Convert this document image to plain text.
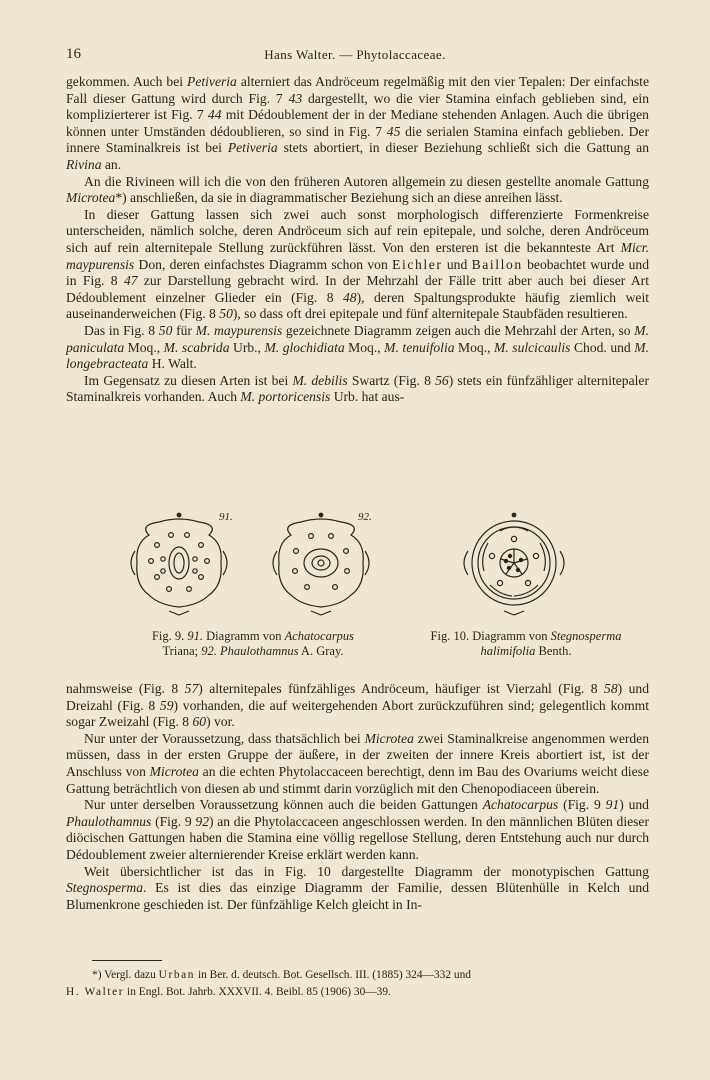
16	Hans Walter. — Phytolaccaceae.

gekommen. Auch bei Petiveria alterniert das Andröceum regelmäßig mit den vier Tepalen: Der einfachste Fall dieser Gattung wird durch Fig. 7 43 dargestellt, wo die vier Stamina einfach geblieben sind, ein komplizierterer ist Fig. 7 44 mit Dédoublement der in der Mediane stehenden Anlagen. Auch die übrigen können unter Umständen dédoublieren, so sind in Fig. 7 45 die serialen Stamina einfach geblieben. Der innere Staminalkreis ist bei Petiveria stets abortiert, in dieser Beziehung schließt sich die Gattung an Rivina an.

An die Rivineen will ich die von den früheren Autoren allgemein zu diesen gestellte anomale Gattung Microtea*) anschließen, da sie in diagrammatischer Beziehung sich an diese anreihen lässt.

In dieser Gattung lassen sich zwei auch sonst morphologisch differenzierte Formenkreise unterscheiden, nämlich solche, deren Andröceum sich auf rein epitepale, und solche, deren Andröceum sich auf rein alternitepale Stellung zurückführen lässt. Von den ersteren ist die bekannteste Art Micr. maypurensis Don, deren einfachstes Diagramm schon von Eichler und Baillon beobachtet wurde und in Fig. 8 47 zur Darstellung gebracht wird. In der Mehrzahl der Fälle tritt aber auch bei dieser Art Dédoublement einzelner Glieder ein (Fig. 8 48), deren Spaltungsprodukte häufig ziemlich weit auseinanderweichen (Fig. 8 50), so dass oft drei epitepale und fünf alternitepale Staubfäden resultieren.

Das in Fig. 8 50 für M. maypurensis gezeichnete Diagramm zeigen auch die Mehrzahl der Arten, so M. paniculata Moq., M. scabrida Urb., M. glochidiata Moq., M. tenuifolia Moq., M. sulcicaulis Chod. und M. longebracteata H. Walt.

Im Gegensatz zu diesen Arten ist bei M. debilis Swartz (Fig. 8 56) stets ein fünfzähliger alternitepaler Staminalkreis vorhanden. Auch M. portoricensis Urb. hat aus-

91.	92.
Fig. 9. 91. Diagramm von Achatocarpus
Triana; 92. Phaulothamnus A. Gray.
Fig. 10. Diagramm von Stegnosperma halimifolia Benth.

nahmsweise (Fig. 8 57) alternitepales fünfzähliges Andröceum, häufiger ist Vierzahl (Fig. 8 58) und Dreizahl (Fig. 8 59) vorhanden, die auf weitergehenden Abort zurückzuführen sind; gelegentlich kommt sogar Zweizahl (Fig. 8 60) vor.

Nur unter der Voraussetzung, dass thatsächlich bei Microtea zwei Staminalkreise angenommen werden müssen, dass in der ersten Gruppe der äußere, in der zweiten der innere Kreis abortiert ist, ist der Anschluss von Microtea an die echten Phytolaccaceen berechtigt, denn im Bau des Ovariums weicht diese Gattung beträchtlich von diesen ab und stimmt darin vorzüglich mit den Chenopodiaceen überein.

Nur unter derselben Voraussetzung können auch die beiden Gattungen Achatocarpus (Fig. 9 91) und Phaulothamnus (Fig. 9 92) an die Phytolaccaceen angeschlossen werden. In den männlichen Blüten dieser diöcischen Gattungen haben die Stamina eine völlig regellose Stellung, deren Entstehung auch nur durch Dédoublement zweier alternierender Kreise erklärt werden kann.

Weit übersichtlicher ist das in Fig. 10 dargestellte Diagramm der monotypischen Gattung Stegnosperma. Es ist dies das einzige Diagramm der Familie, dessen Blütenhülle in Kelch und Blumenkrone geschieden ist. Der fünfzählige Kelch gleicht in In-

*) Vergl. dazu Urban in Ber. d. deutsch. Bot. Gesellsch. III. (1885) 324—332 und

H. Walter in Engl. Bot. Jahrb. XXXVII. 4. Beibl. 85 (1906) 30—39.
